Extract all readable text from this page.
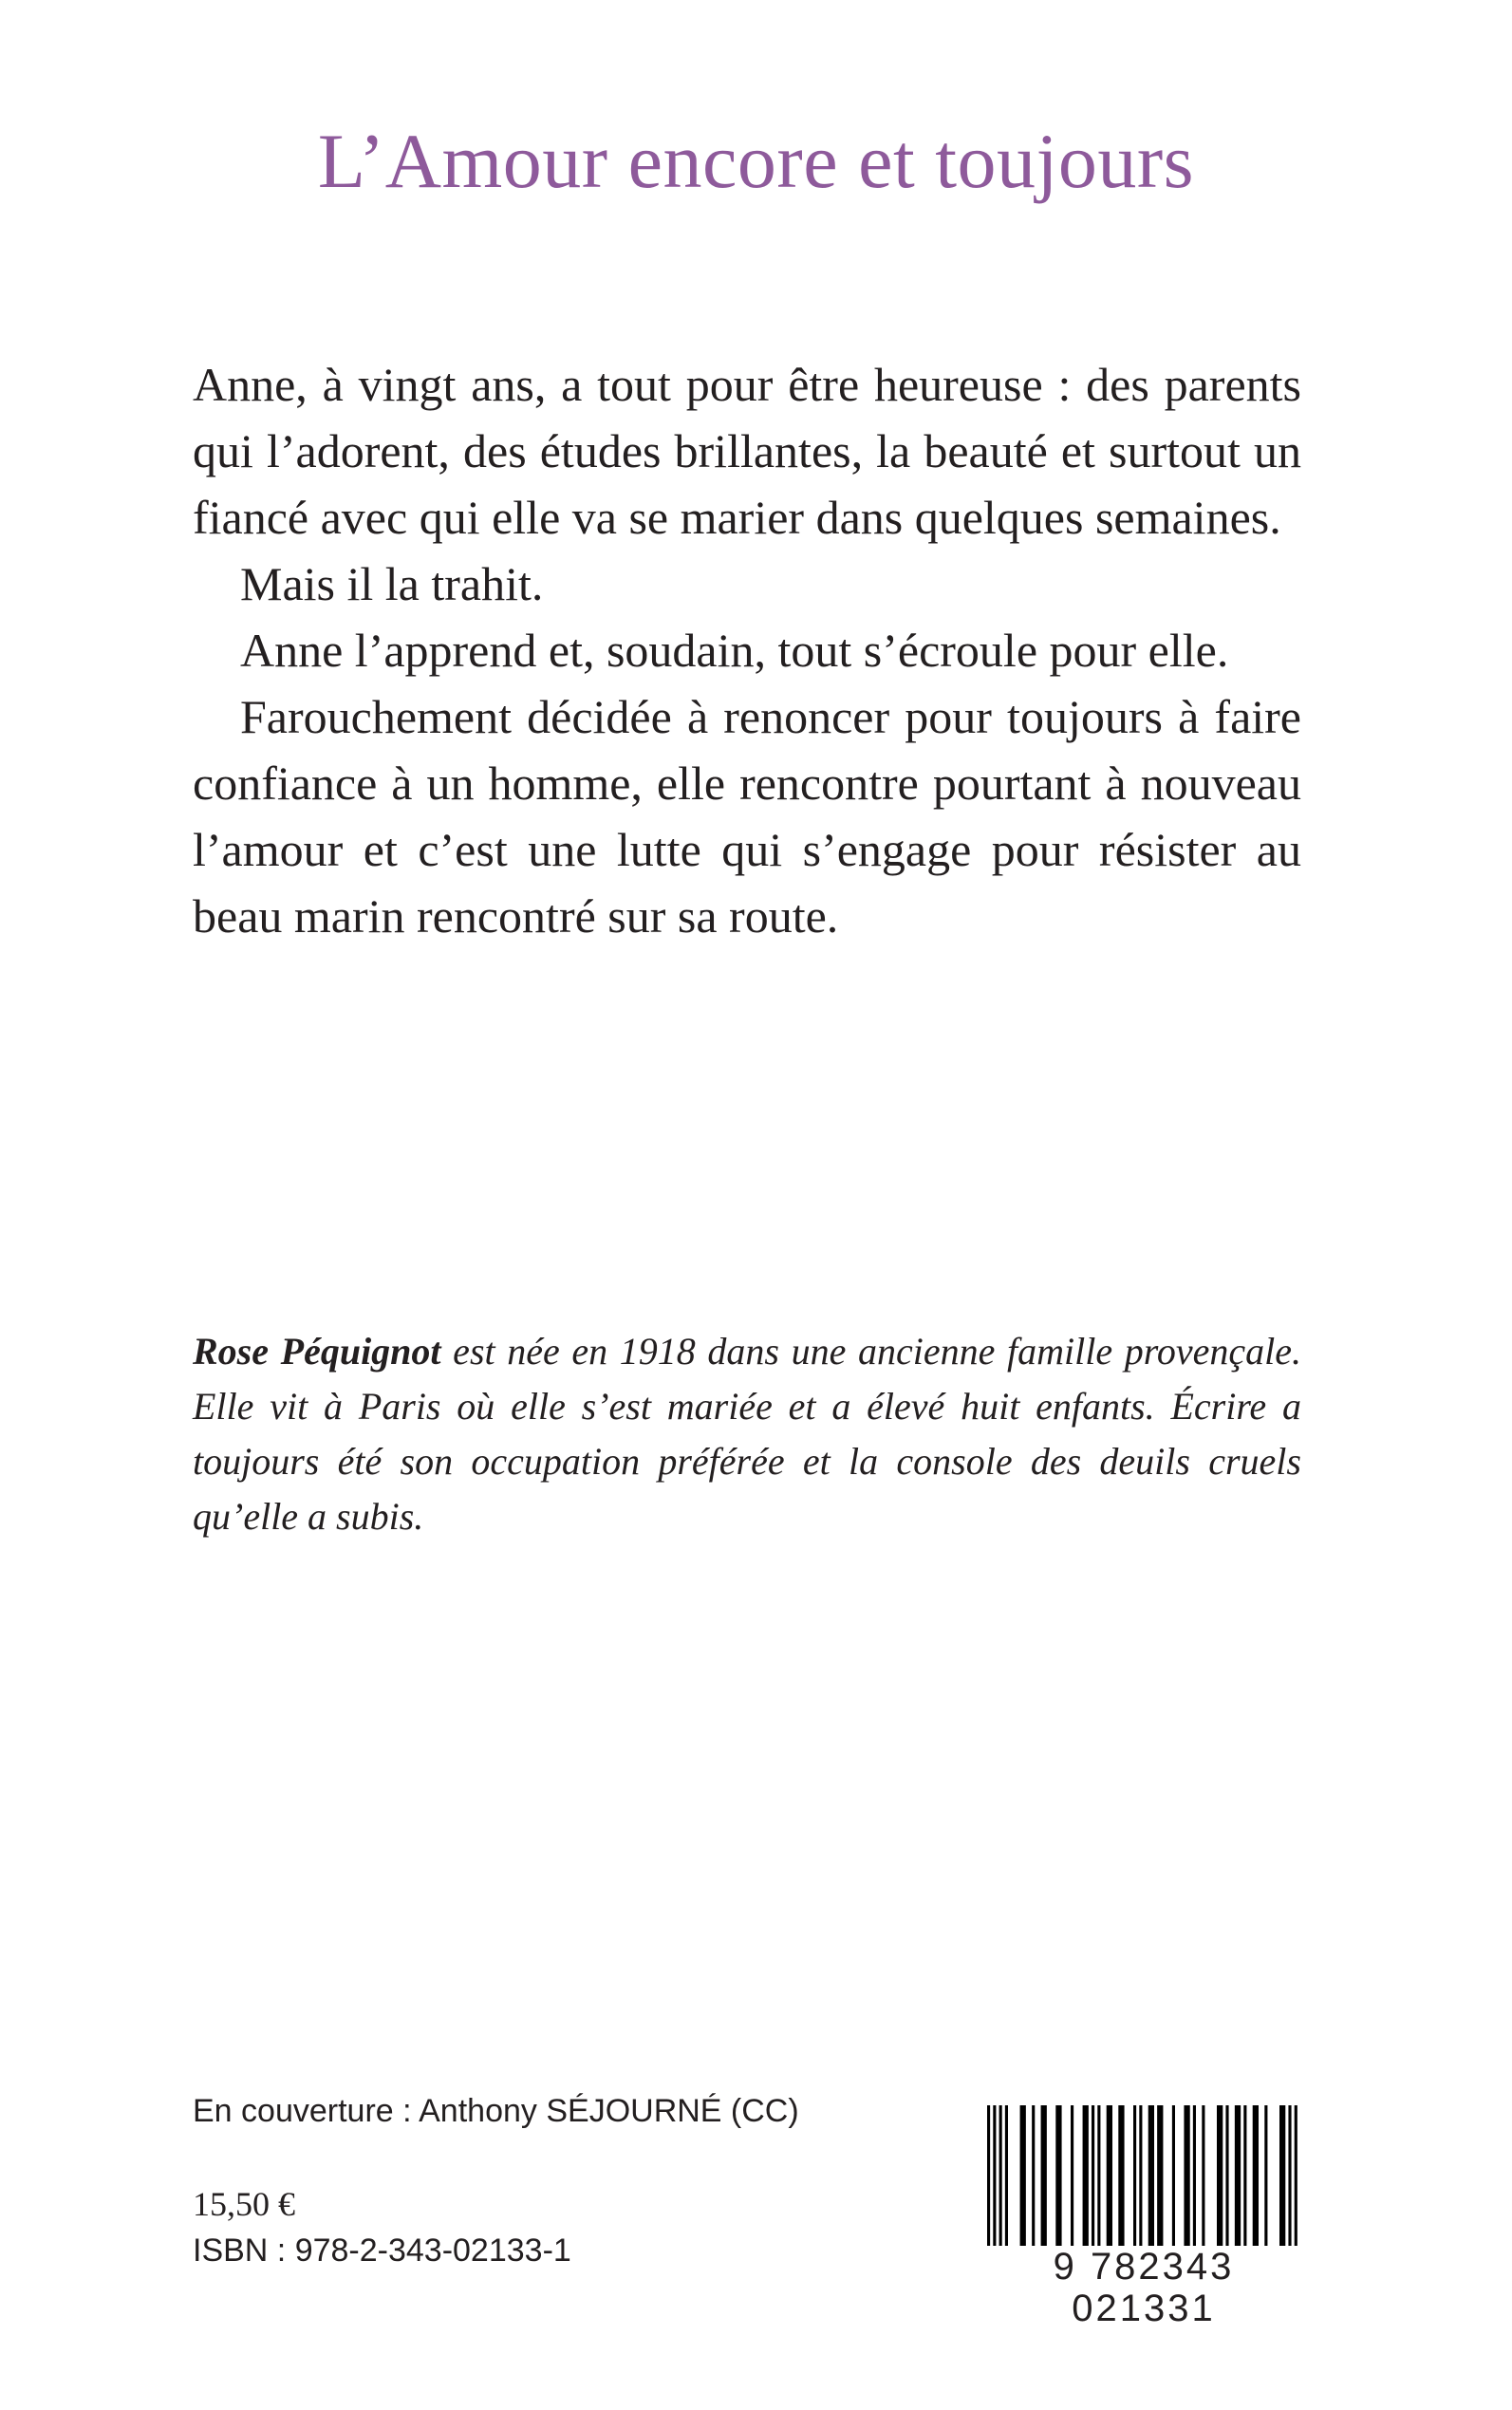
L’Amour encore et toujours

Anne, à vingt ans, a tout pour être heureuse : des parents qui l’adorent, des études brillantes, la beauté et surtout un fiancé avec qui elle va se marier dans quelques semaines.

Mais il la trahit.

Anne l’apprend et, soudain, tout s’écroule pour elle.

Farouchement décidée à renoncer pour toujours à faire confiance à un homme, elle rencontre pourtant à nouveau l’amour et c’est une lutte qui s’engage pour résister au beau marin rencontré sur sa route.

Rose Péquignot est née en 1918 dans une ancienne famille provençale. Elle vit à Paris où elle s’est mariée et a élevé huit enfants. Écrire a toujours été son occupation préférée et la console des deuils cruels qu’elle a subis.
En couverture : Anthony SÉJOURNÉ (CC)
15,50 €
ISBN : 978-2-343-02133-1	9 782343 021331
